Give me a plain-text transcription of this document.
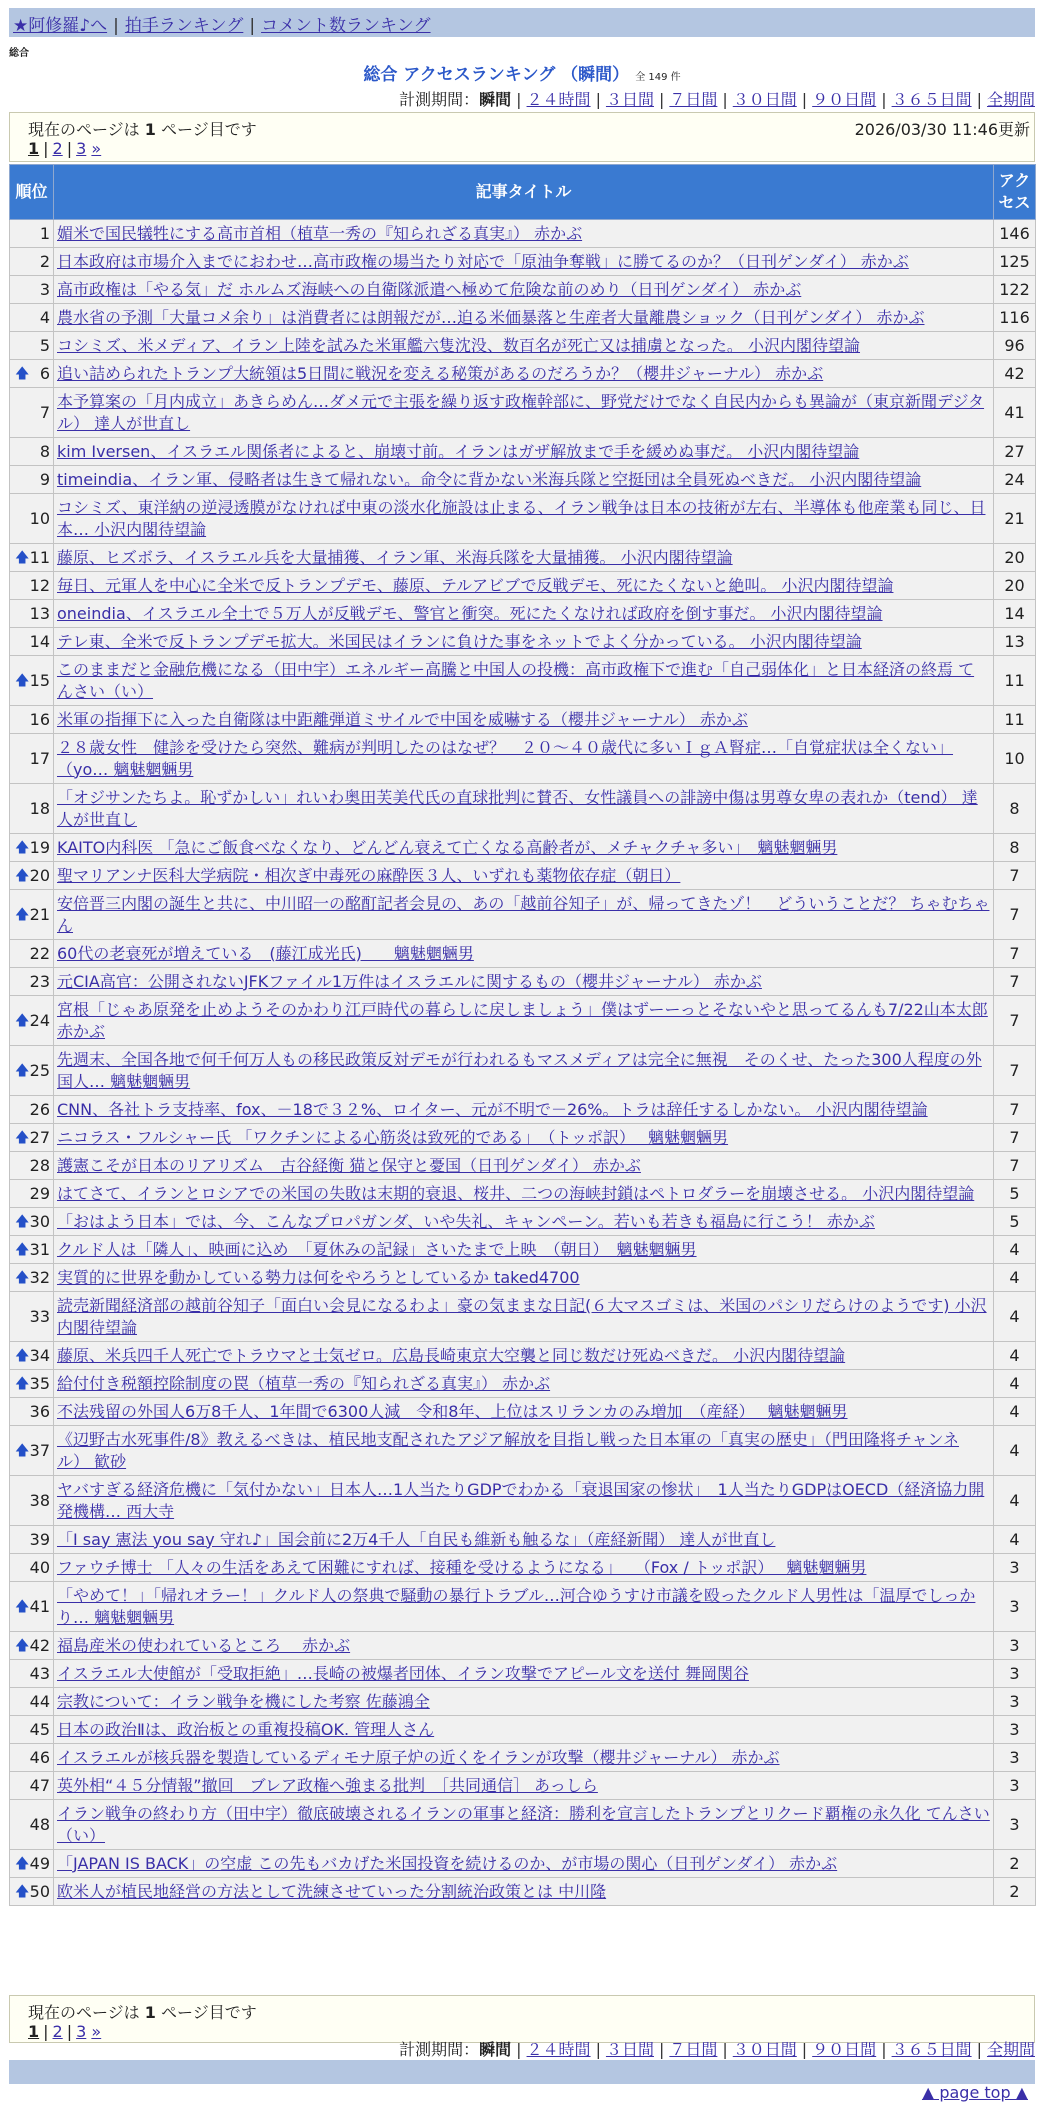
★阿修羅♪へ | 拍手ランキング | コメント数ランキング
総合
総合 アクセスランキング （瞬間） 全 149 件
計測期間：瞬間 | ２４時間 | ３日間 | ７日間 | ３０日間 | ９０日間 | ３６５日間 | 全期間
現在のページは 1 ページ目です
1 | 2 | 3 »
2026/03/30 11:46更新
順位	記事タイトル	アクセス
1	媚米で国民犠牲にする高市首相（植草一秀の『知られざる真実』） 赤かぶ	146
2	日本政府は市場介入までにおわせ…高市政権の場当たり対応で「原油争奪戦」に勝てるのか？（日刊ゲンダイ） 赤かぶ	125
3	高市政権は「やる気」だ ホルムズ海峡への自衛隊派遣へ極めて危険な前のめり（日刊ゲンダイ） 赤かぶ	122
4	農水省の予測「大量コメ余り」は消費者には朗報だが…迫る米価暴落と生産者大量離農ショック（日刊ゲンダイ） 赤かぶ	116
5	コシミズ、米メディア、イラン上陸を試みた米軍艦六隻沈没、数百名が死亡又は捕虜となった。 小沢内閣待望論	96

🡅 6	追い詰められたトランプ大統領は5日間に戦況を変える秘策があるのだろうか？（櫻井ジャーナル） 赤かぶ	42
7	本予算案の「月内成立」あきらめん…ダメ元で主張を繰り返す政権幹部に、野党だけでなく自民内からも異論が（東京新聞デジタル） 達人が世直し	41
8	kim Iversen、イスラエル関係者によると、崩壊寸前。イランはガザ解放まで手を緩めぬ事だ。 小沢内閣待望論	27
9	timeindia、イラン軍、侵略者は生きて帰れない。命令に背かない米海兵隊と空挺団は全員死ぬべきだ。 小沢内閣待望論	24
10	コシミズ、東洋納の逆浸透膜がなければ中東の淡水化施設は止まる、イラン戦争は日本の技術が左右、半導体も他産業も同じ、日本… 小沢内閣待望論	21

🡅 11	藤原、ヒズボラ、イスラエル兵を大量捕獲、イラン軍、米海兵隊を大量捕獲。 小沢内閣待望論	20
12	毎日、元軍人を中心に全米で反トランプデモ、藤原、テルアビブで反戦デモ、死にたくないと絶叫。 小沢内閣待望論	20
13	oneindia、イスラエル全土で５万人が反戦デモ、警官と衝突。死にたくなければ政府を倒す事だ。 小沢内閣待望論	14
14	テレ東、全米で反トランプデモ拡大。米国民はイランに負けた事をネットでよく分かっている。 小沢内閣待望論	13

🡅 15	このままだと金融危機になる（田中宇）エネルギー高騰と中国人の投機：高市政権下で進む「自己弱体化」と日本経済の終焉 てんさい（い）	11
16	米軍の指揮下に入った自衛隊は中距離弾道ミサイルで中国を威嚇する（櫻井ジャーナル） 赤かぶ	11
17	２８歳女性　健診を受けたら突然、難病が判明したのはなぜ？　２０～４０歳代に多いＩｇＡ腎症…「自覚症状は全くない」（yo… 魑魅魍魎男	10
18	「オジサンたちよ。恥ずかしい」れいわ奥田芙美代氏の直球批判に賛否、女性議員への誹謗中傷は男尊女卑の表れか（tend） 達人が世直し	8

🡅 19	KAITO内科医 「急にご飯食べなくなり、どんどん衰えて亡くなる高齢者が、メチャクチャ多い」　魑魅魍魎男	8

🡅 20	聖マリアンナ医科大学病院・相次ぎ中毒死の麻酔医３人、いずれも薬物依存症（朝日）	7

🡅 21	安倍晋三内閣の誕生と共に、中川昭一の酩酊記者会見の、あの「越前谷知子」が、帰ってきたゾ！　どういうことだ？ ちゃむちゃん	7
22	60代の老衰死が増えている　(藤江成光氏)　　魑魅魍魎男	7
23	元CIA高官：公開されないJFKファイル1万件はイスラエルに関するもの（櫻井ジャーナル） 赤かぶ	7

🡅 24	宮根「じゃあ原発を止めようそのかわり江戸時代の暮らしに戻しましょう」僕はずーーっとそないやと思ってるんも7/22山本太郎 赤かぶ	7

🡅 25	先週末、全国各地で何千何万人もの移民政策反対デモが行われるもマスメディアは完全に無視　そのくせ、たった300人程度の外国人… 魑魅魍魎男	7
26	CNN、各社トラ支持率、fox、－18で３２%、ロイター、元が不明で－26%。トラは辞任するしかない。 小沢内閣待望論	7

🡅 27	ニコラス・フルシャー氏 「ワクチンによる心筋炎は致死的である」　（トッポ訳）　 魑魅魍魎男	7
28	護憲こそが日本のリアリズム　古谷経衡 猫と保守と憂国（日刊ゲンダイ） 赤かぶ	7
29	はてさて、イランとロシアでの米国の失敗は末期的衰退、桜井、二つの海峡封鎖はペトロダラーを崩壊させる。 小沢内閣待望論	5

🡅 30	「おはよう日本」では、今、こんなプロパガンダ、いや失礼、キャンペーン。若いも若きも福島に行こう！ 赤かぶ	5

🡅 31	クルド人は「隣人」、映画に込め　「夏休みの記録」さいたまで上映　（朝日）　魑魅魍魎男	4

🡅 32	実質的に世界を動かしている勢力は何をやろうとしているか taked4700	4
33	読売新聞経済部の越前谷知子「面白い会見になるわよ」豪の気ままな日記(６大マスゴミは、米国のパシリだらけのようです) 小沢内閣待望論	4

🡅 34	藤原、米兵四千人死亡でトラウマと士気ゼロ。広島長崎東京大空襲と同じ数だけ死ぬべきだ。 小沢内閣待望論	4

🡅 35	給付付き税額控除制度の罠（植草一秀の『知られざる真実』） 赤かぶ	4
36	不法残留の外国人6万8千人、1年間で6300人減　令和8年、上位はスリランカのみ増加　（産経）　 魑魅魍魎男	4

🡅 37	《辺野古水死事件/8》教えるべきは、植民地支配されたアジア解放を目指し戦った日本軍の「真実の歴史」（門田隆将チャンネル） 歓砂	4
38	ヤバすぎる経済危機に「気付かない」日本人…1人当たりGDPでわかる「衰退国家の惨状」　1人当たりGDPはOECD（経済協力開発機構… 西大寺	4
39	「I say 憲法 you say 守れ♪」国会前に2万4千人「自民も維新も触るな」（産経新聞） 達人が世直し	4
40	ファウチ博士 「人々の生活をあえて困難にすれば、接種を受けるようになる」　 （Fox / トッポ訳）　 魑魅魍魎男	3

🡅 41	「やめて！」「帰れオラー！」クルド人の祭典で騒動の暴行トラブル…河合ゆうすけ市議を殴ったクルド人男性は「温厚でしっかり… 魑魅魍魎男	3

🡅 42	福島産米の使われているところ　 赤かぶ	3
43	イスラエル大使館が「受取拒絶」…長崎の被爆者団体、イラン攻撃でアピール文を送付 舞岡関谷	3
44	宗教について：イラン戦争を機にした考察 佐藤鴻全	3
45	日本の政治Ⅱは、政治板との重複投稿OK. 管理人さん	3
46	イスラエルが核兵器を製造しているディモナ原子炉の近くをイランが攻撃（櫻井ジャーナル） 赤かぶ	3
47	英外相“４５分情報”撤回　ブレア政権へ強まる批判　［共同通信］ あっしら	3
48	イラン戦争の終わり方（田中宇）徹底破壊されるイランの軍事と経済：勝利を宣言したトランプとリクード覇権の永久化 てんさい（い）	3

🡅 49	「JAPAN IS BACK」の空虚 この先もバカげた米国投資を続けるのか、が市場の関心（日刊ゲンダイ） 赤かぶ	2

🡅 50	欧米人が植民地経営の方法として洗練させていった分割統治政策とは 中川隆	2
現在のページは 1 ページ目です
1 | 2 | 3 »
計測期間：瞬間 | ２４時間 | ３日間 | ７日間 | ３０日間 | ９０日間 | ３６５日間 | 全期間
▲ page top ▲
